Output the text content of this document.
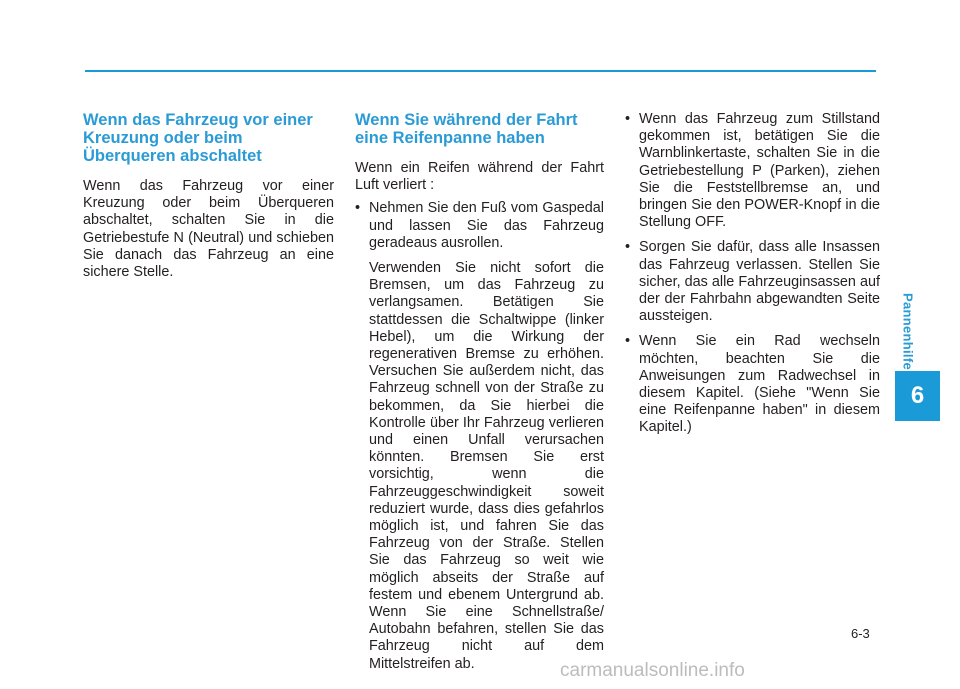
Wenn das Fahrzeug vor einer Kreuzung oder beim Überqueren abschaltet

Wenn das Fahrzeug vor einer Kreuzung oder beim Überqueren abschaltet, schalten Sie in die Getriebestufe N (Neutral) und schieben Sie danach das Fahrzeug an eine sichere Stelle.

Wenn Sie während der Fahrt eine Reifenpanne haben

Wenn ein Reifen während der Fahrt Luft verliert :

• Nehmen Sie den Fuß vom Gaspedal und lassen Sie das Fahrzeug geradeaus ausrollen.

Verwenden Sie nicht sofort die Bremsen, um das Fahrzeug zu verlangsamen. Betätigen Sie stattdessen die Schaltwippe (linker Hebel), um die Wirkung der regenerativen Bremse zu erhöhen. Versuchen Sie außerdem nicht, das Fahrzeug schnell von der Straße zu bekommen, da Sie hierbei die Kontrolle über Ihr Fahrzeug verlieren und einen Unfall verursachen könnten. Bremsen Sie erst vorsichtig, wenn die Fahrzeuggeschwindigkeit soweit reduziert wurde, dass dies gefahrlos möglich ist, und fahren Sie das Fahrzeug von der Straße. Stellen Sie das Fahrzeug so weit wie möglich abseits der Straße auf festem und ebenem Untergrund ab. Wenn Sie eine Schnellstraße/ Autobahn befahren, stellen Sie das Fahrzeug nicht auf dem Mittelstreifen ab.

• Wenn das Fahrzeug zum Stillstand gekommen ist, betätigen Sie die Warnblinkertaste, schalten Sie in die Getriebestellung P (Parken), ziehen Sie die Feststellbremse an, und bringen Sie den POWER-Knopf in die Stellung OFF.

• Sorgen Sie dafür, dass alle Insassen das Fahrzeug verlassen. Stellen Sie sicher, das alle Fahrzeuginsassen auf der der Fahrbahn abgewandten Seite aussteigen.

• Wenn Sie ein Rad wechseln möchten, beachten Sie die Anweisungen zum Radwechsel in diesem Kapitel. (Siehe "Wenn Sie eine Reifenpanne haben" in diesem Kapitel.)

Pannenhilfe
6
6-3
carmanualsonline.info
